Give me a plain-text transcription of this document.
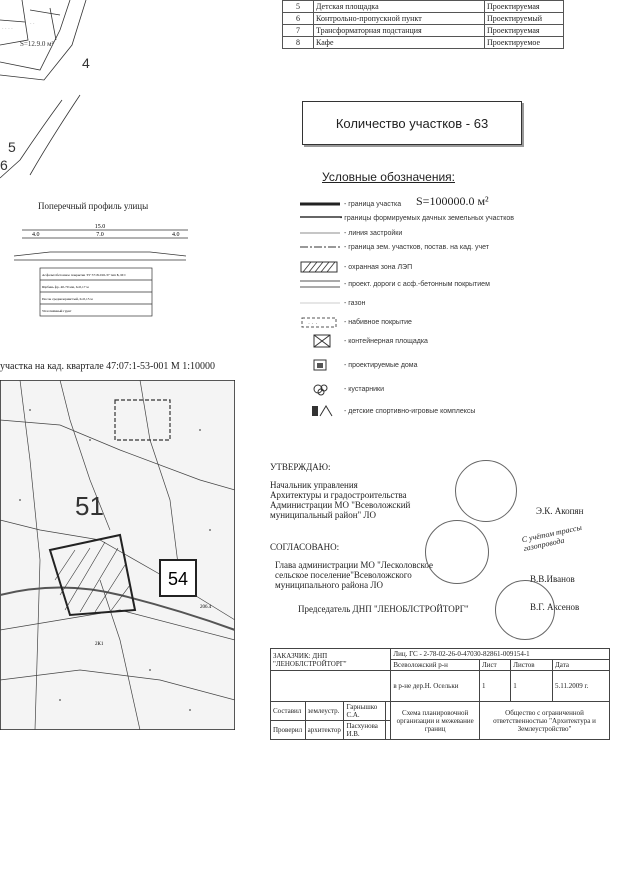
· · · ·
· ·
S=12.9.0 м²
4
5
6
5	Детская площадка	Проектируемая
6	Контрольно-пропускной пункт	Проектируемый
7	Трансформаторная подстанция	Проектируемая
8	Кафе	Проектируемое
Количество участков - 63
Условные обозначения:
S=100000.0 м²
- граница участка
- границы формируемых дачных земельных участков
- линия застройки
- граница зем. участков, постав. на кад. учет
- охранная зона ЛЭП
- проект. дороги с асф.-бетонным покрытием
- газон
· · ·	- набивное покрытие
- контейнерная площадка
- проектируемые дома
- кустарники
- детские спортивно-игровые комплексы
Поперечный профиль улицы
15.0
4.0	7.0	4.0
Асфальтобетонное покрытие ТУ 5718-016-37 тип Б, М I
Щебень фр. 40-70 мм, h=0,17 м
Песок среднезернистый, h=0,15 м
Уплотнённый грунт
участка на кад. квартале 47:07:1-53-001 М 1:10000
54
206.4
51
2К1
УТВЕРЖДАЮ:
Начальник управления
Архитектуры и градостроительства
Администрации МО "Всеволожский
муниципальный район" ЛО	Э.К. Акопян
СОГЛАСОВАНО:
Глава администрации МО "Лесколовское
сельское поселение"Всеволожского
муниципального района ЛО
В.В.Иванов
Председатель ДНП "ЛЕНОБЛСТРОЙТОРГ"	В.Г. Аксенов
С учётом трассы газопровода
ЗАКАЗЧИК: ДНП "ЛЕНОБЛСТРОЙТОРГ"				Лиц. ГС - 2-78-02-26-0-47030-82861-009154-1			
				Всеволожский р-н	Лист	Листов	Дата
				в р-не дер.Н. Осельки	1	1	5.11.2009 г.
Составил	землеустр.	Гарнышко С.А.		Схема планировочной организации и межевание границ	Общество с ограниченной ответственностью "Архитектура и Землеустройство"		
Проверил	архитектор	Пасхунова И.В.					
